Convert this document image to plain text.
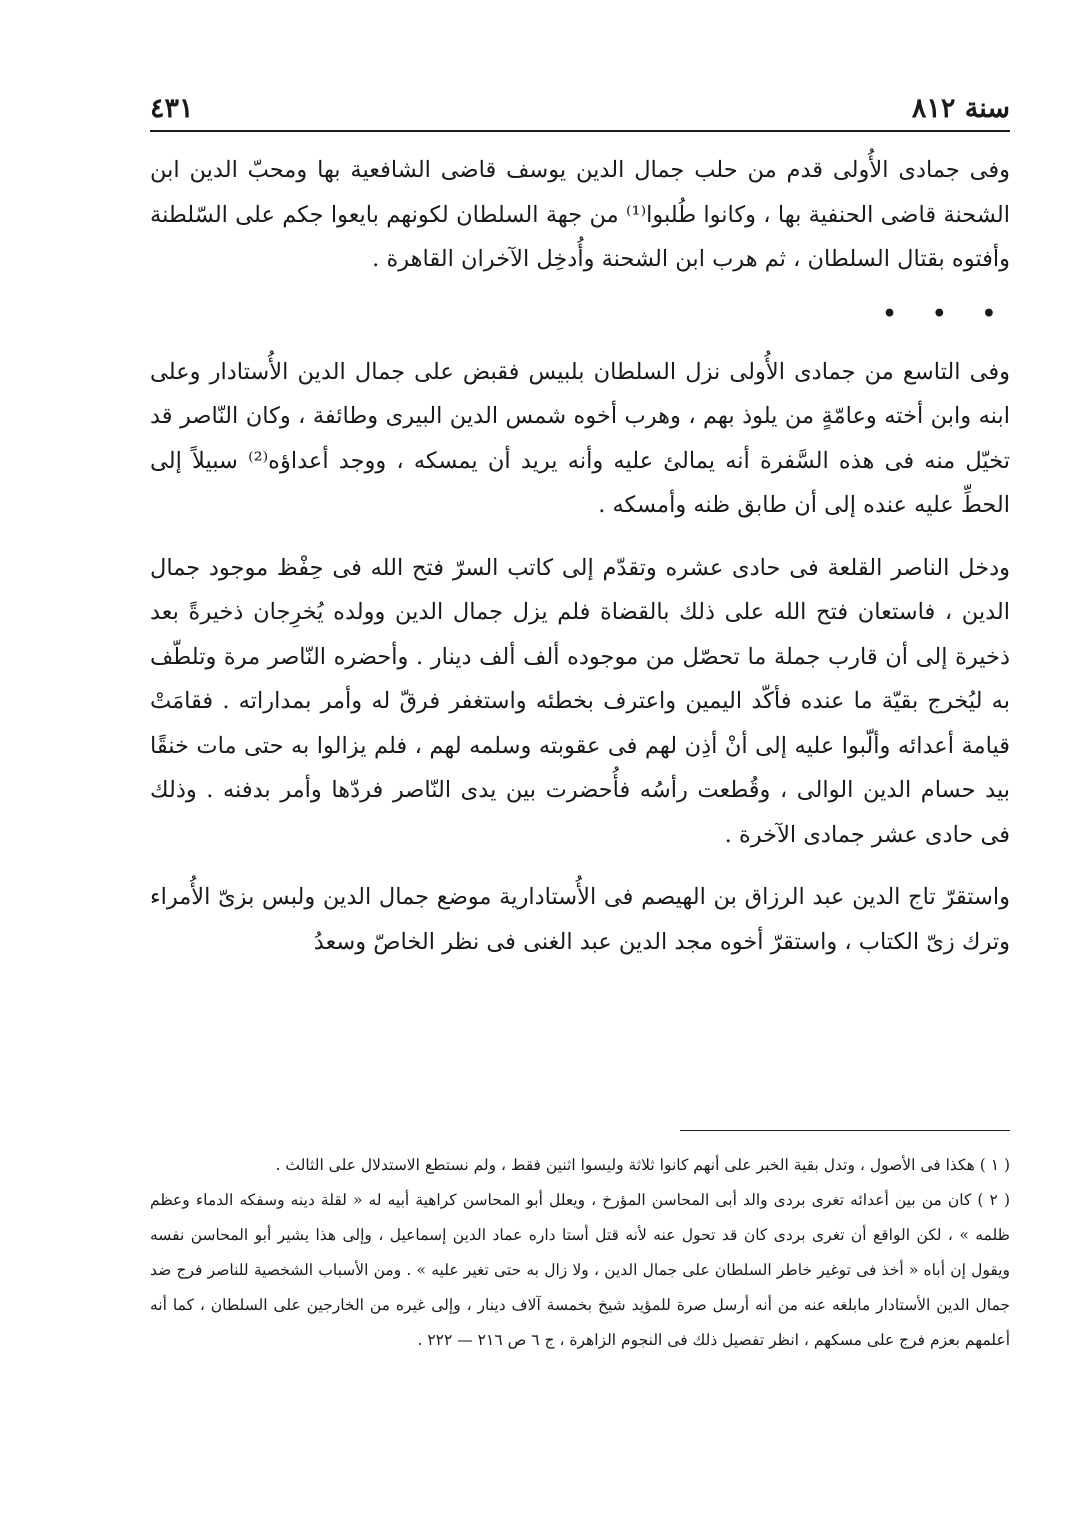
سنة ٨١٢
٤٣١

وفى جمادى الأُولى قدم من حلب جمال الدين يوسف قاضى الشافعية بها ومحبّ الدين ابن الشحنة قاضى الحنفية بها ، وكانوا طُلبوا⁽¹⁾ من جهة السلطان لكونهم بايعوا جكم على السّلطنة وأفتوه بقتال السلطان ، ثم هرب ابن الشحنة وأُدخِل الآخران القاهرة .

• • •

وفى التاسع من جمادى الأُولى نزل السلطان بلبيس فقبض على جمال الدين الأُستادار وعلى ابنه وابن أخته وعامّةٍ من يلوذ بهم ، وهرب أخوه شمس الدين البيرى وطائفة ، وكان النّاصر قد تخيّل منه فى هذه السَّفرة أنه يمالئ عليه وأنه يريد أن يمسكه ، ووجد أعداؤه⁽²⁾ سبيلاً إلى الحطِّ عليه عنده إلى أن طابق ظنه وأمسكه .

ودخل الناصر القلعة فى حادى عشره وتقدّم إلى كاتب السرّ فتح الله فى حِفْظ موجود جمال الدين ، فاستعان فتح الله على ذلك بالقضاة فلم يزل جمال الدين وولده يُخرِجان ذخيرةً بعد ذخيرة إلى أن قارب جملة ما تحصّل من موجوده ألف ألف دينار . وأحضره النّاصر مرة وتلطّف به ليُخرج بقيّة ما عنده فأكّد اليمين واعترف بخطئه واستغفر فرقّ له وأمر بمداراته . فقامَتْ قيامة أعدائه وألّبوا عليه إلى أنْ أذِن لهم فى عقوبته وسلمه لهم ، فلم يزالوا به حتى مات خنقًا بيد حسام الدين الوالى ، وقُطعت رأسُه فأُحضرت بين يدى النّاصر فردّها وأمر بدفنه . وذلك فى حادى عشر جمادى الآخرة .

واستقرّ تاج الدين عبد الرزاق بن الهيصم فى الأُستادارية موضع جمال الدين ولبس بزىّ الأُمراء وترك زىّ الكتاب ، واستقرّ أخوه مجد الدين عبد الغنى فى نظر الخاصّ وسعدُ

( ١ ) هكذا فى الأصول ، وتدل بقية الخبر على أنهم كانوا ثلاثة وليسوا اثنين فقط ، ولم نستطع الاستدلال على الثالث .

( ٢ ) كان من بين أعدائه تغرى بردى والد أبى المحاسن المؤرخ ، ويعلل أبو المحاسن كراهية أبيه له « لقلة دينه وسفكه الدماء وعظم ظلمه » ، لكن الواقع أن تغرى بردى كان قد تحول عنه لأنه قتل أستا داره عماد الدين إسماعيل ، وإلى هذا يشير أبو المحاسن نفسه ويقول إن أباه « أخذ فى توغير خاطر السلطان على جمال الدين ، ولا زال به حتى تغير عليه » . ومن الأسباب الشخصية للناصر فرج ضد جمال الدين الأستادار مابلغه عنه من أنه أرسل صرة للمؤيد شيخ بخمسة آلاف دينار ، وإلى غيره من الخارجين على السلطان ، كما أنه أعلمهم بعزم فرج على مسكهم ، انظر تفصيل ذلك فى النجوم الزاهرة ، ج ٦ ص ٢١٦ — ٢٢٢ .
